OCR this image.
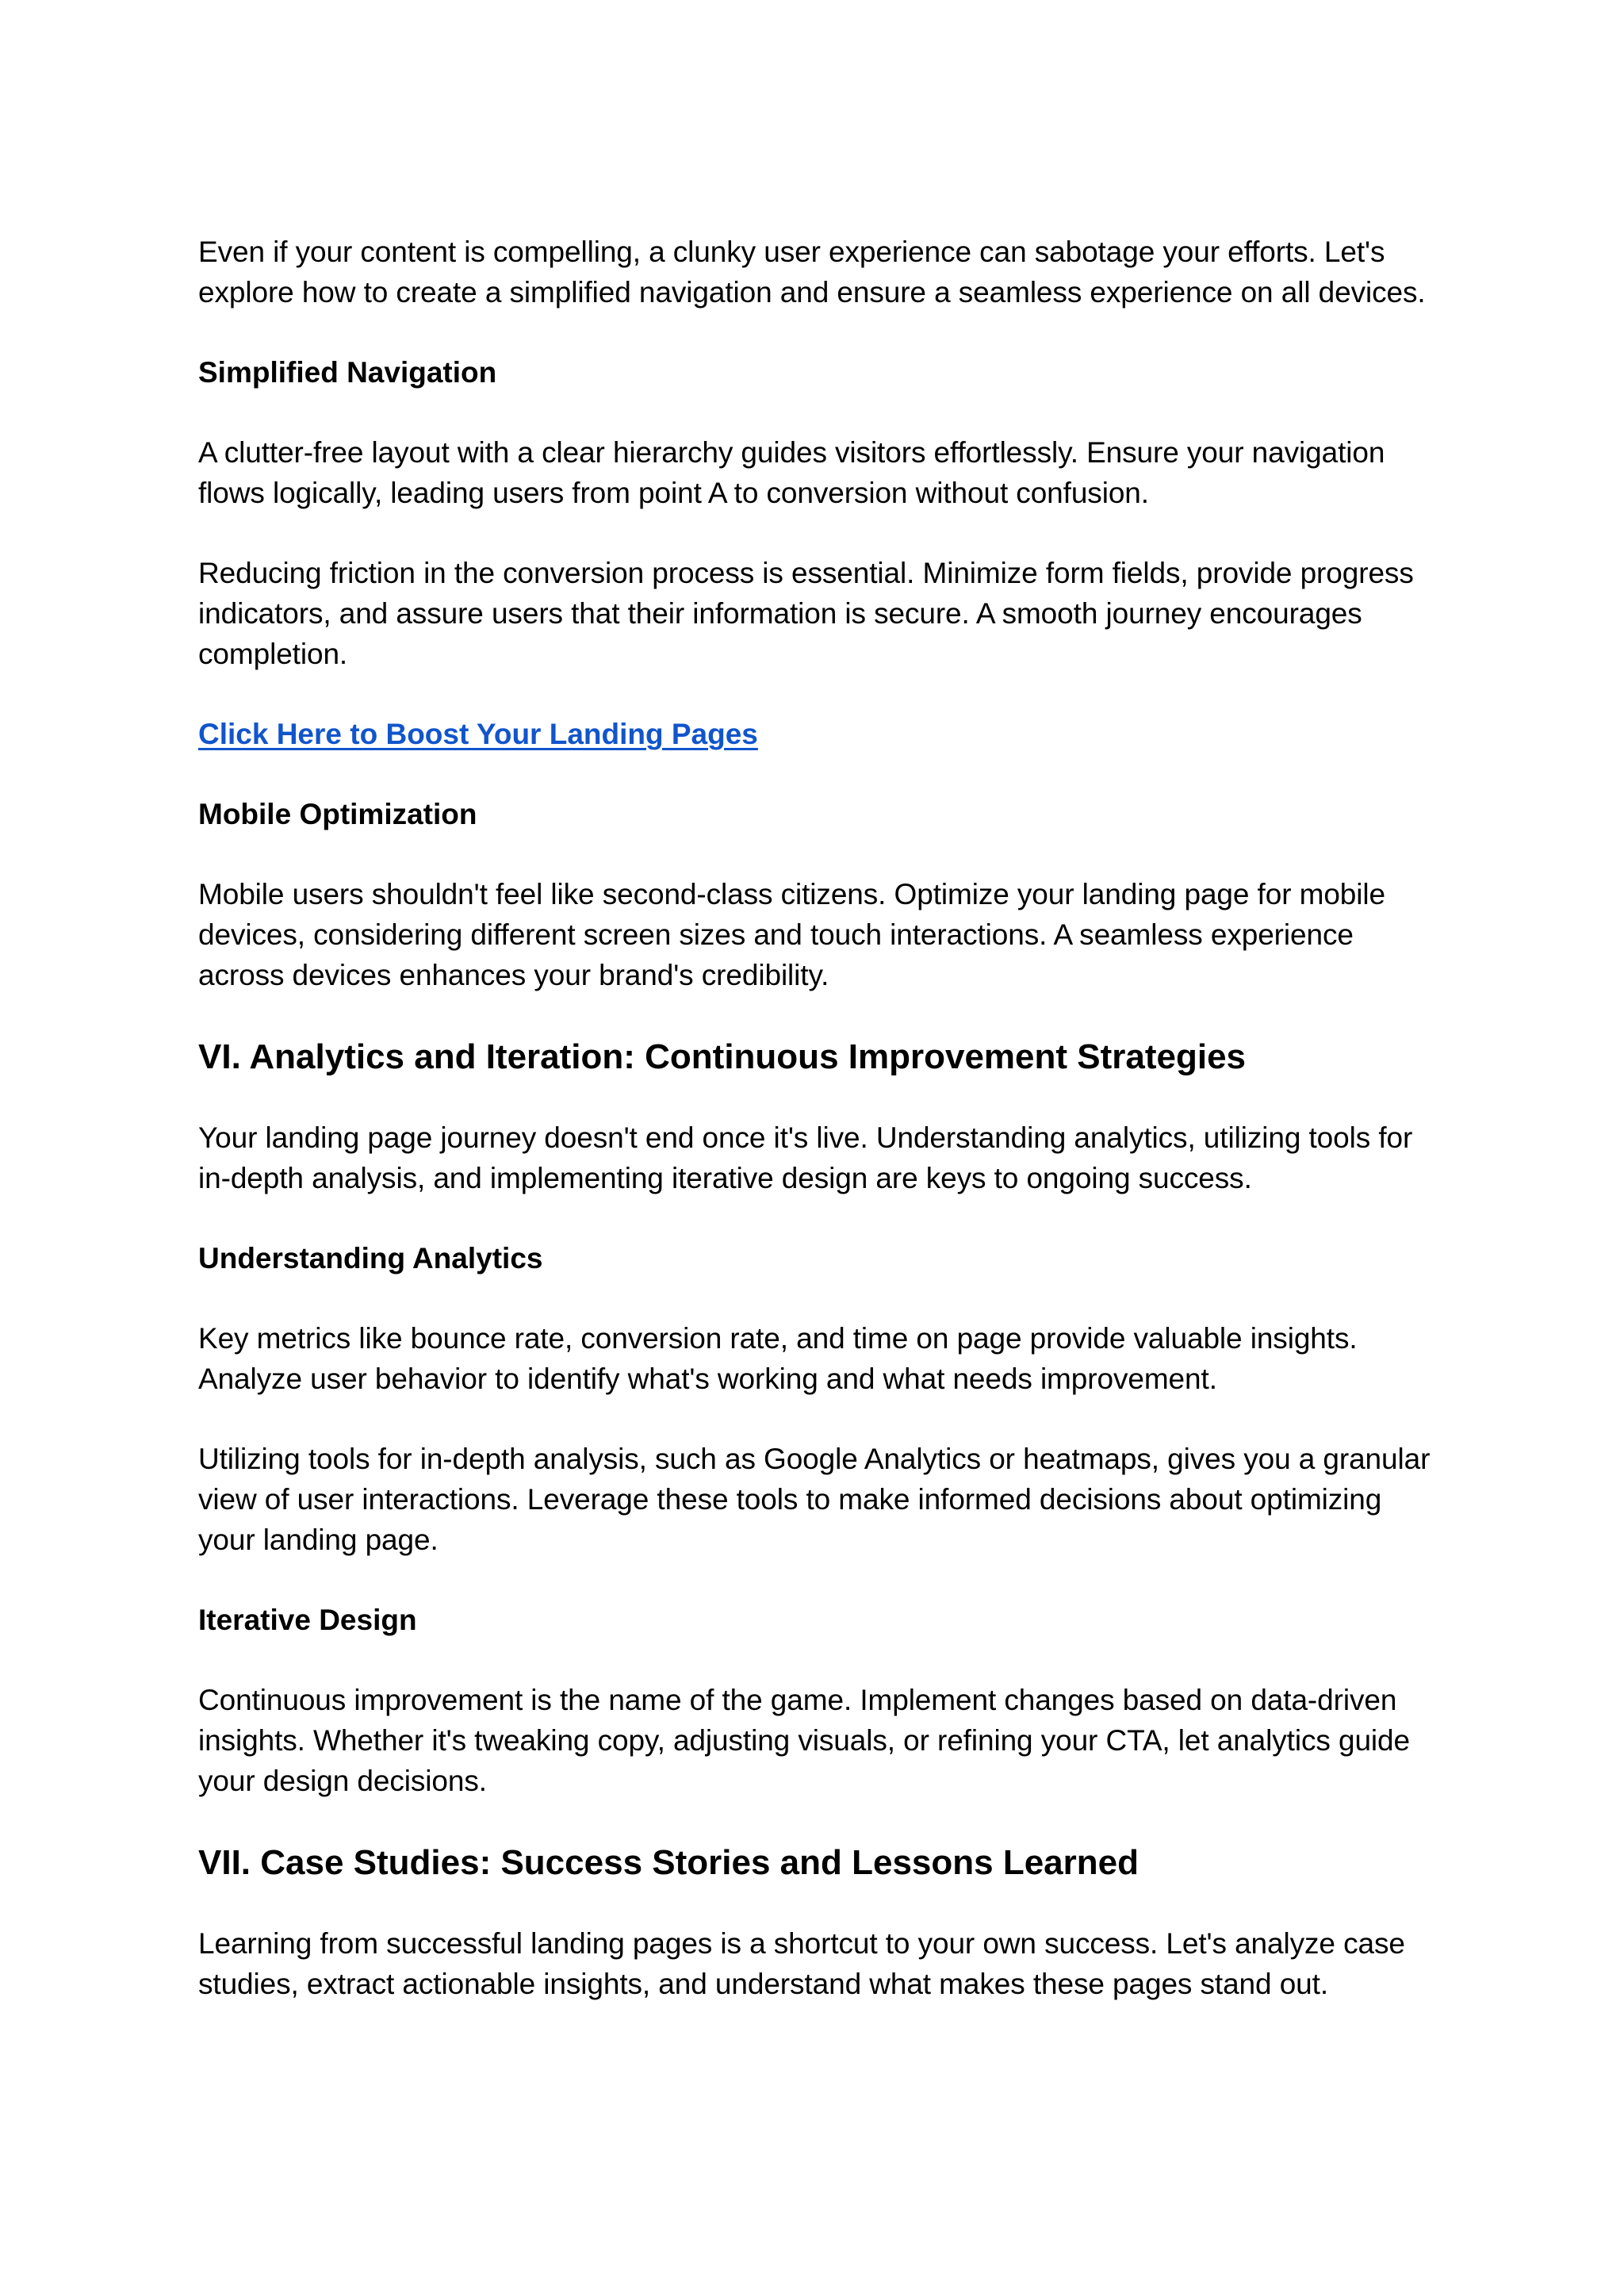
Even if your content is compelling, a clunky user experience can sabotage your efforts. Let's explore how to create a simplified navigation and ensure a seamless experience on all devices.

Simplified Navigation

A clutter-free layout with a clear hierarchy guides visitors effortlessly. Ensure your navigation flows logically, leading users from point A to conversion without confusion.

Reducing friction in the conversion process is essential. Minimize form fields, provide progress indicators, and assure users that their information is secure. A smooth journey encourages completion.

Click Here to Boost Your Landing Pages
Mobile Optimization

Mobile users shouldn't feel like second-class citizens. Optimize your landing page for mobile devices, considering different screen sizes and touch interactions. A seamless experience across devices enhances your brand's credibility.

VI. Analytics and Iteration: Continuous Improvement Strategies

Your landing page journey doesn't end once it's live. Understanding analytics, utilizing tools for in-depth analysis, and implementing iterative design are keys to ongoing success.

Understanding Analytics

Key metrics like bounce rate, conversion rate, and time on page provide valuable insights. Analyze user behavior to identify what's working and what needs improvement.

Utilizing tools for in-depth analysis, such as Google Analytics or heatmaps, gives you a granular view of user interactions. Leverage these tools to make informed decisions about optimizing your landing page.

Iterative Design

Continuous improvement is the name of the game. Implement changes based on data-driven insights. Whether it's tweaking copy, adjusting visuals, or refining your CTA, let analytics guide your design decisions.

VII. Case Studies: Success Stories and Lessons Learned

Learning from successful landing pages is a shortcut to your own success. Let's analyze case studies, extract actionable insights, and understand what makes these pages stand out.
